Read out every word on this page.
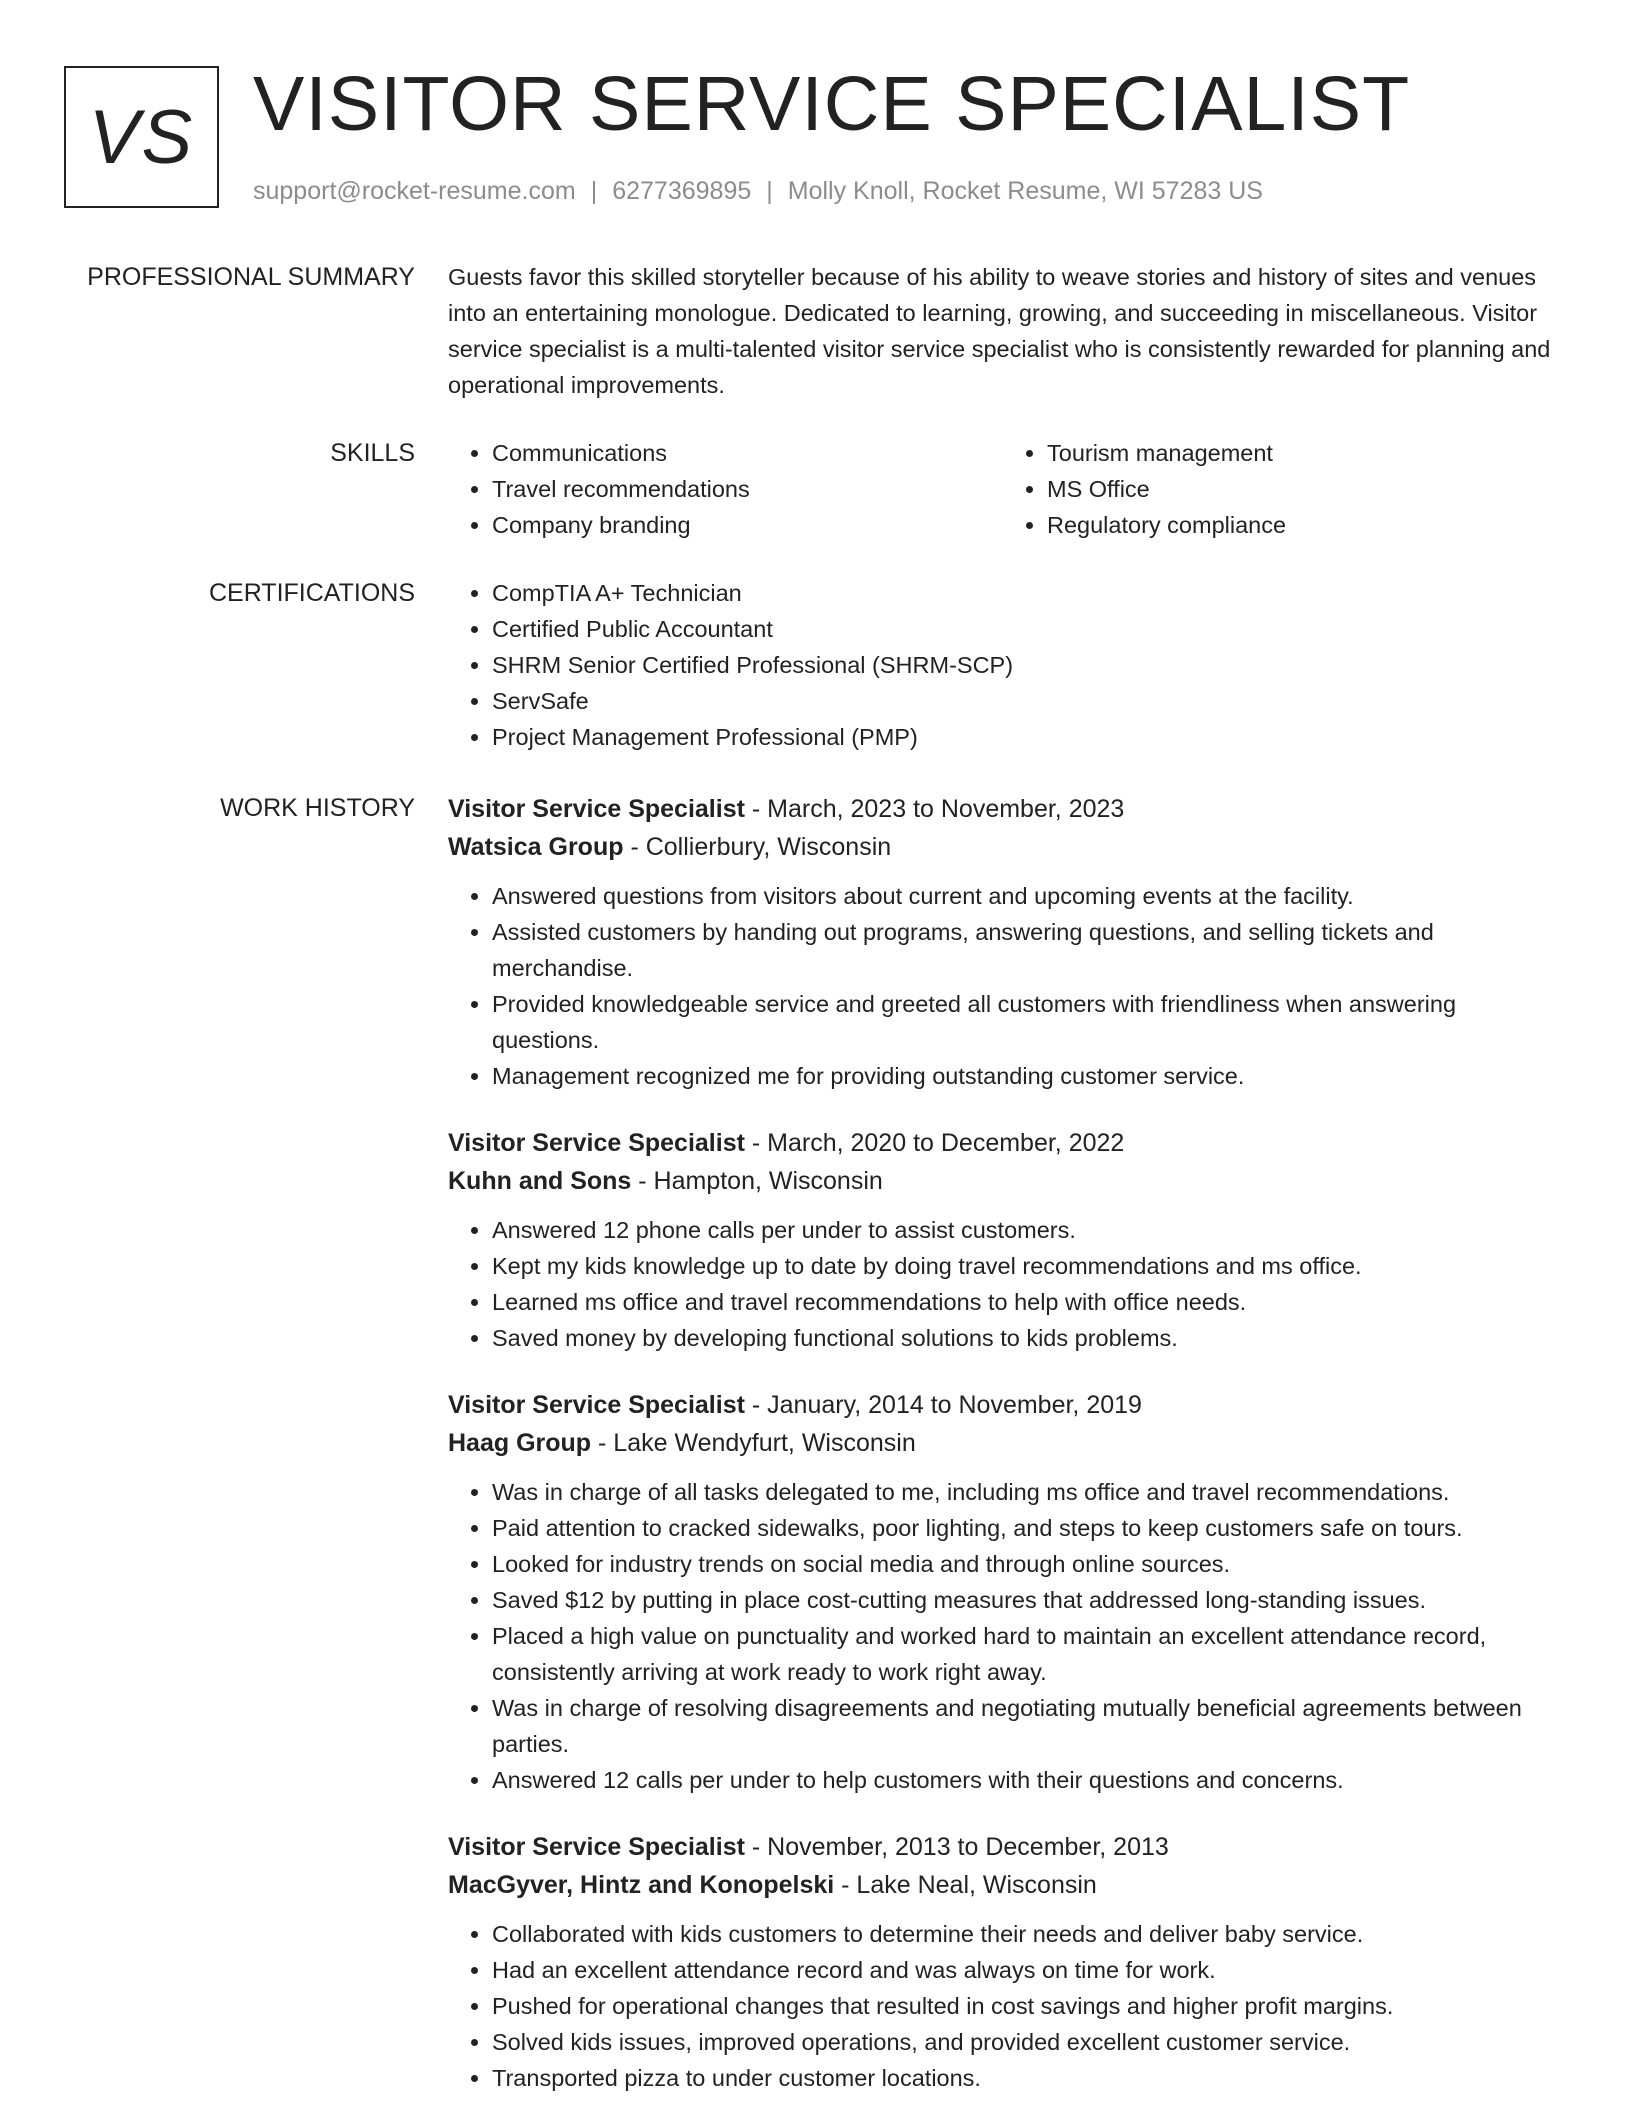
VS VISITOR SERVICE SPECIALIST
support@rocket-resume.com | 6277369895 | Molly Knoll, Rocket Resume, WI 57283 US
PROFESSIONAL SUMMARY Guests favor this skilled storyteller because of his ability to weave stories and history of sites and venues into an entertaining monologue. Dedicated to learning, growing, and succeeding in miscellaneous. Visitor service specialist is a multi-talented visitor service specialist who is consistently rewarded for planning and operational improvements.

SKILLS	• Communications
• Travel recommendations
• Company branding
• Tourism management
• MS Office
• Regulatory compliance
CERTIFICATIONS	• CompTIA A+ Technician
• Certified Public Accountant
• SHRM Senior Certified Professional (SHRM-SCP)
• ServSafe
• Project Management Professional (PMP)
WORK HISTORY Visitor Service Specialist - March, 2023 to November, 2023
Watsica Group - Collierbury, Wisconsin
• Answered questions from visitors about current and upcoming events at the facility.
• Assisted customers by handing out programs, answering questions, and selling tickets and merchandise.
• Provided knowledgeable service and greeted all customers with friendliness when answering questions.
• Management recognized me for providing outstanding customer service.
Visitor Service Specialist - March, 2020 to December, 2022
Kuhn and Sons - Hampton, Wisconsin
• Answered 12 phone calls per under to assist customers.
• Kept my kids knowledge up to date by doing travel recommendations and ms office.
• Learned ms office and travel recommendations to help with office needs.
• Saved money by developing functional solutions to kids problems.
Visitor Service Specialist - January, 2014 to November, 2019
Haag Group - Lake Wendyfurt, Wisconsin
• Was in charge of all tasks delegated to me, including ms office and travel recommendations.
• Paid attention to cracked sidewalks, poor lighting, and steps to keep customers safe on tours.
• Looked for industry trends on social media and through online sources.
• Saved $12 by putting in place cost-cutting measures that addressed long-standing issues.
• Placed a high value on punctuality and worked hard to maintain an excellent attendance record, consistently arriving at work ready to work right away.
• Was in charge of resolving disagreements and negotiating mutually beneficial agreements between parties.
• Answered 12 calls per under to help customers with their questions and concerns.
Visitor Service Specialist - November, 2013 to December, 2013
MacGyver, Hintz and Konopelski - Lake Neal, Wisconsin
• Collaborated with kids customers to determine their needs and deliver baby service.
• Had an excellent attendance record and was always on time for work.
• Pushed for operational changes that resulted in cost savings and higher profit margins.
• Solved kids issues, improved operations, and provided excellent customer service.
• Transported pizza to under customer locations.
